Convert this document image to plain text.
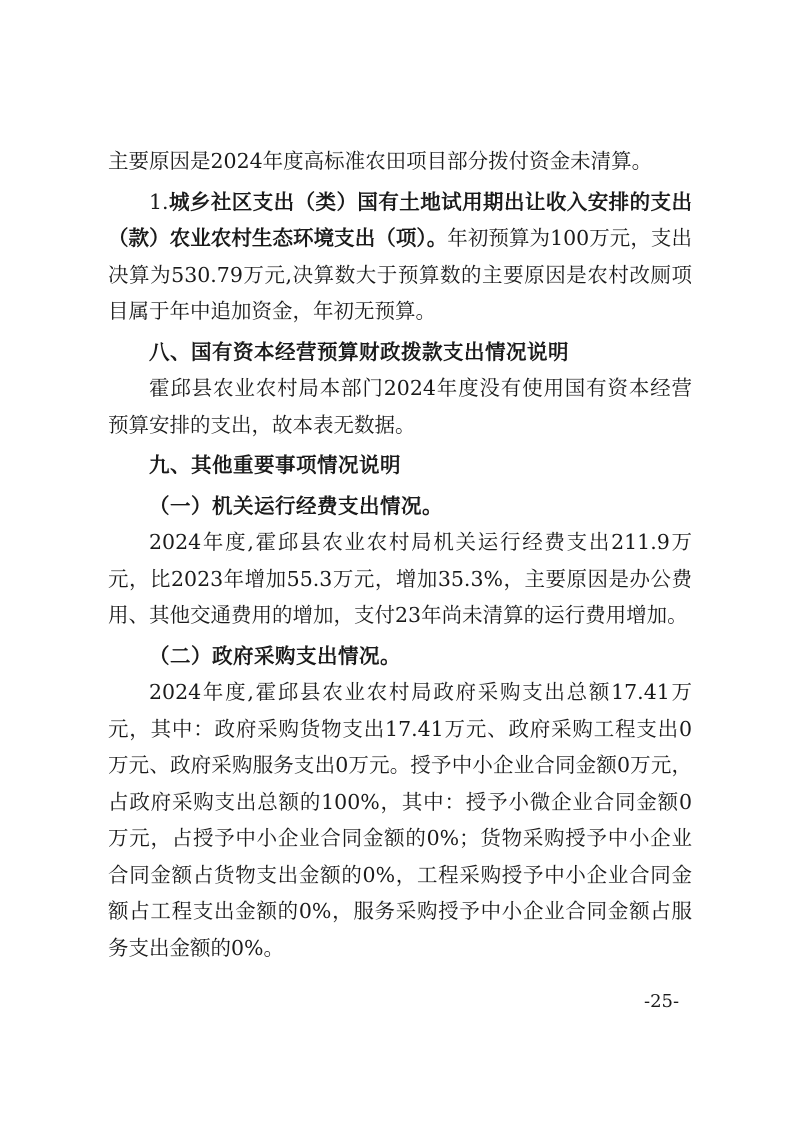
主要原因是2024年度高标准农田项目部分拨付资金未清算。

1.城乡社区支出（类）国有土地试用期出让收入安排的支出（款）农业农村生态环境支出（项）。年初预算为100万元，支出决算为530.79万元,决算数大于预算数的主要原因是农村改厕项目属于年中追加资金，年初无预算。

八、国有资本经营预算财政拨款支出情况说明

霍邱县农业农村局本部门2024年度没有使用国有资本经营预算安排的支出，故本表无数据。

九、其他重要事项情况说明

（一）机关运行经费支出情况。

2024年度,霍邱县农业农村局机关运行经费支出211.9万元，比2023年增加55.3万元，增加35.3%，主要原因是办公费用、其他交通费用的增加，支付23年尚未清算的运行费用增加。

（二）政府采购支出情况。

2024年度,霍邱县农业农村局政府采购支出总额17.41万元，其中：政府采购货物支出17.41万元、政府采购工程支出0万元、政府采购服务支出0万元。授予中小企业合同金额0万元，占政府采购支出总额的100%，其中：授予小微企业合同金额0万元，占授予中小企业合同金额的0%；货物采购授予中小企业合同金额占货物支出金额的0%，工程采购授予中小企业合同金额占工程支出金额的0%，服务采购授予中小企业合同金额占服务支出金额的0%。

-25-
